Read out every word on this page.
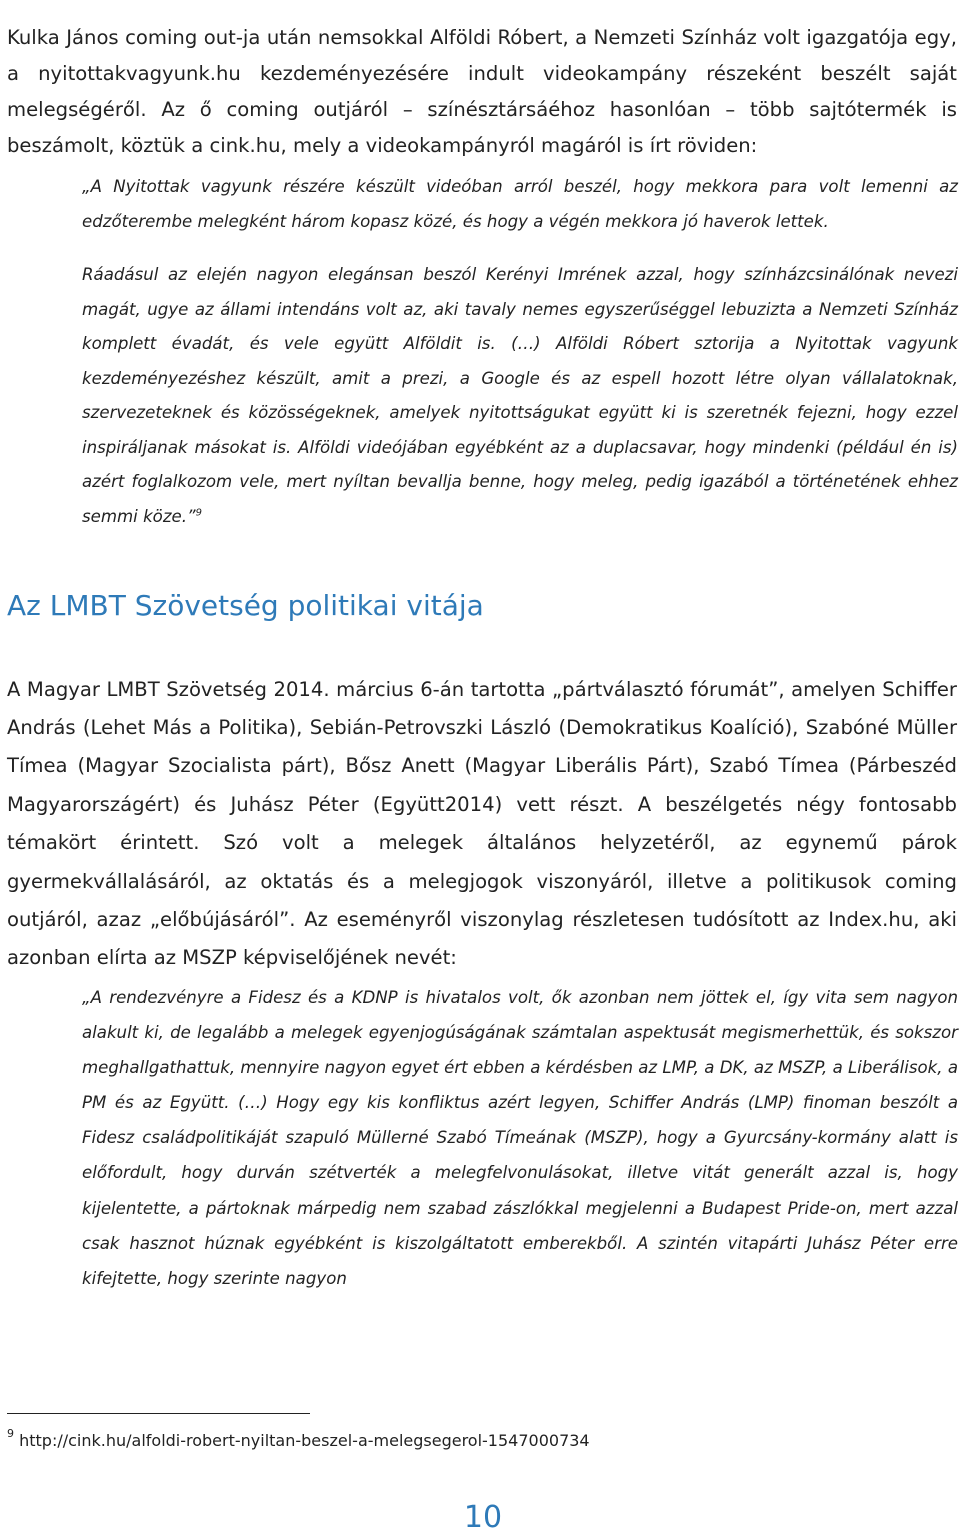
Kulka János coming out-ja után nemsokkal Alföldi Róbert, a Nemzeti Színház volt igazgatója egy, a nyitottakvagyunk.hu kezdeményezésére indult videokampány részeként beszélt saját melegségéről. Az ő coming outjáról – színésztársáéhoz hasonlóan – több sajtótermék is beszámolt, köztük a cink.hu, mely a videokampányról magáról is írt röviden:

„A Nyitottak vagyunk részére készült videóban arról beszél, hogy mekkora para volt lemenni az edzőterembe melegként három kopasz közé, és hogy a végén mekkora jó haverok lettek.

Ráadásul az elején nagyon elegánsan beszól Kerényi Imrének azzal, hogy színházcsinálónak nevezi magát, ugye az állami intendáns volt az, aki tavaly nemes egyszerűséggel lebuzizta a Nemzeti Színház komplett évadát, és vele együtt Alföldit is. (…) Alföldi Róbert sztorija a Nyitottak vagyunk kezdeményezéshez készült, amit a prezi, a Google és az espell hozott létre olyan vállalatoknak, szervezeteknek és közösségeknek, amelyek nyitottságukat együtt ki is szeretnék fejezni, hogy ezzel inspiráljanak másokat is. Alföldi videójában egyébként az a duplacsavar, hogy mindenki (például én is) azért foglalkozom vele, mert nyíltan bevallja benne, hogy meleg, pedig igazából a történetének ehhez semmi köze.”$^9$

Az LMBT Szövetség politikai vitája

A Magyar LMBT Szövetség 2014. március 6-án tartotta „pártválasztó fórumát”, amelyen Schiffer András (Lehet Más a Politika), Sebián-Petrovszki László (Demokratikus Koalíció), Szabóné Müller Tímea (Magyar Szocialista párt), Bősz Anett (Magyar Liberális Párt), Szabó Tímea (Párbeszéd Magyarországért) és Juhász Péter (Együtt2014) vett részt. A beszélgetés négy fontosabb témakört érintett. Szó volt a melegek általános helyzetéről, az egynemű párok gyermekvállalásáról, az oktatás és a melegjogok viszonyáról, illetve a politikusok coming outjáról, azaz „előbújásáról”. Az eseményről viszonylag részletesen tudósított az Index.hu, aki azonban elírta az MSZP képviselőjének nevét:

„A rendezvényre a Fidesz és a KDNP is hivatalos volt, ők azonban nem jöttek el, így vita sem nagyon alakult ki, de legalább a melegek egyenjogúságának számtalan aspektusát megismerhettük, és sokszor meghallgathattuk, mennyire nagyon egyet ért ebben a kérdésben az LMP, a DK, az MSZP, a Liberálisok, a PM és az Együtt. (…) Hogy egy kis konfliktus azért legyen, Schiffer András (LMP) finoman beszólt a Fidesz családpolitikáját szapuló Müllerné Szabó Tímeának (MSZP), hogy a Gyurcsány-kormány alatt is előfordult, hogy durván szétverték a melegfelvonulásokat, illetve vitát generált azzal is, hogy kijelentette, a pártoknak márpedig nem szabad zászlókkal megjelenni a Budapest Pride-on, mert azzal csak hasznot húznak egyébként is kiszolgáltatott emberekből. A szintén vitapárti Juhász Péter erre kifejtette, hogy szerinte nagyon

$^9$ http://cink.hu/alfoldi-robert-nyiltan-beszel-a-melegsegerol-1547000734

10
